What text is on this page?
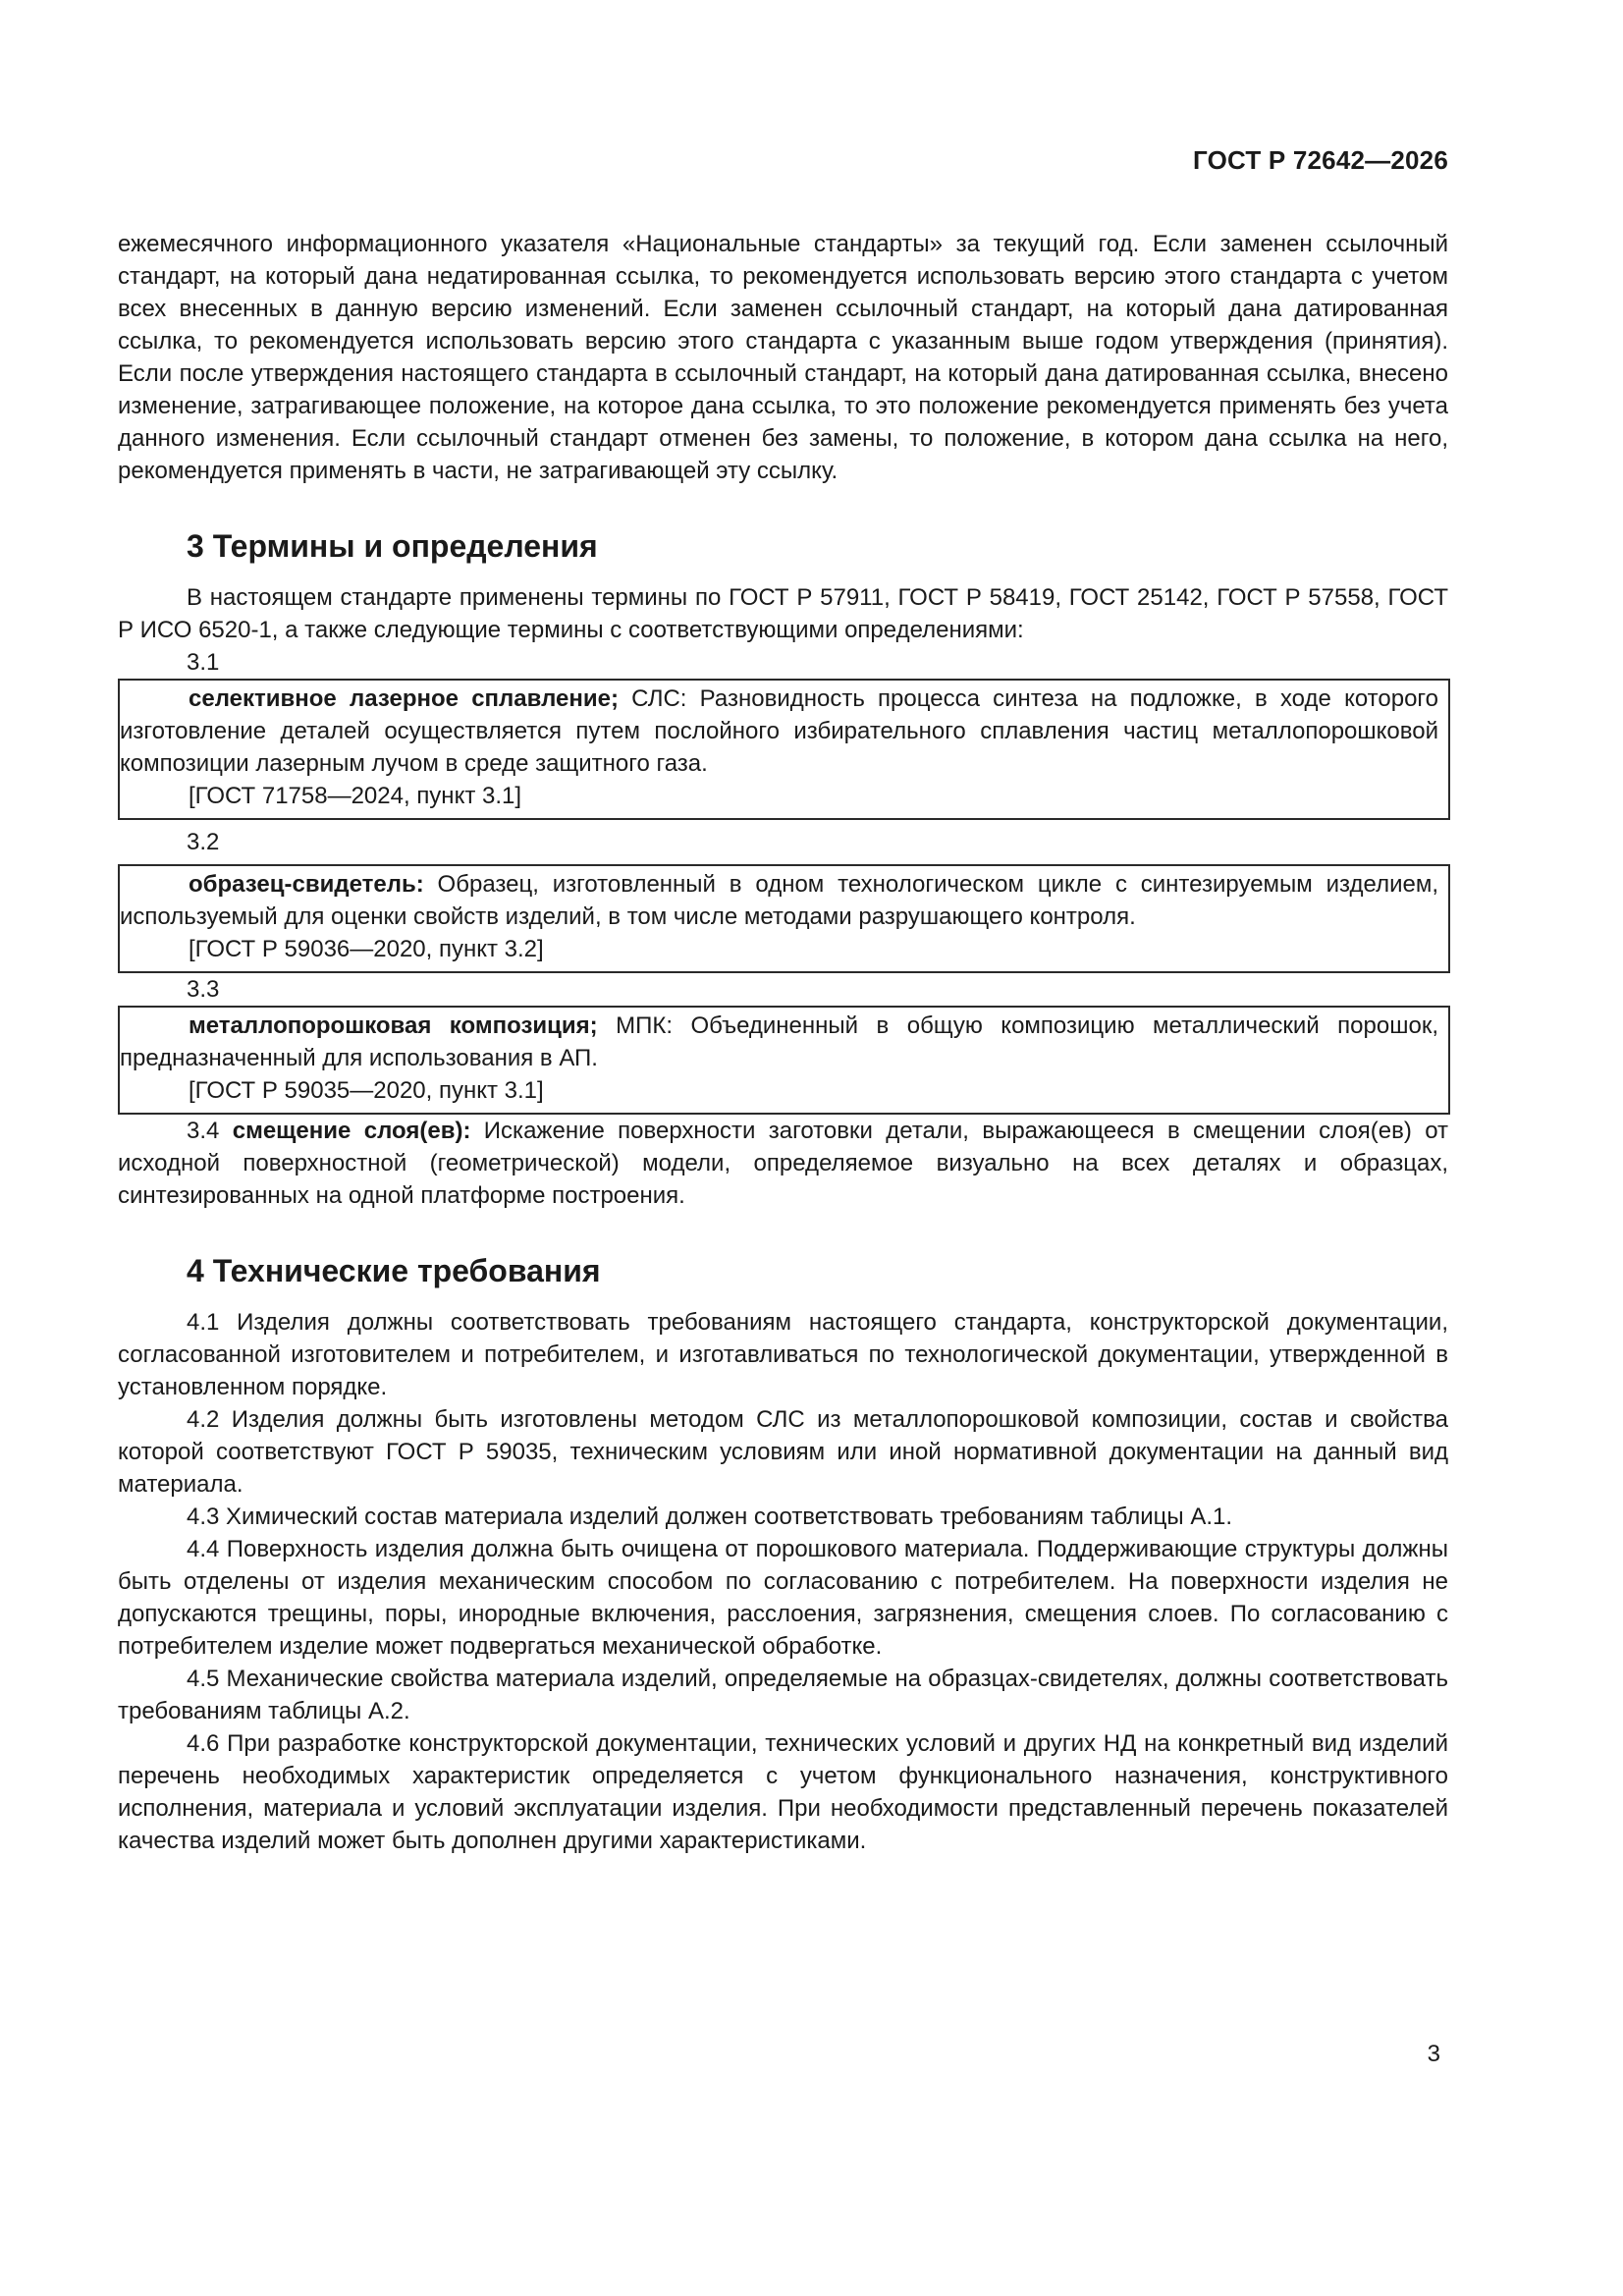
ГОСТ Р 72642—2026

ежемесячного информационного указателя «Национальные стандарты» за текущий год. Если заменен ссылочный стандарт, на который дана недатированная ссылка, то рекомендуется использовать версию этого стандарта с учетом всех внесенных в данную версию изменений. Если заменен ссылочный стандарт, на который дана датированная ссылка, то рекомендуется использовать версию этого стандарта с указанным выше годом утверждения (принятия). Если после утверждения настоящего стандарта в ссылочный стандарт, на который дана датированная ссылка, внесено изменение, затрагивающее положение, на которое дана ссылка, то это положение рекомендуется применять без учета данного изменения. Если ссылочный стандарт отменен без замены, то положение, в котором дана ссылка на него, рекомендуется применять в части, не затрагивающей эту ссылку.

3 Термины и определения

В настоящем стандарте применены термины по ГОСТ Р 57911, ГОСТ Р 58419, ГОСТ 25142, ГОСТ Р 57558, ГОСТ Р ИСО 6520-1, а также следующие термины с соответствующими определениями:

3.1

селективное лазерное сплавление; СЛС: Разновидность процесса синтеза на подложке, в ходе которого изготовление деталей осуществляется путем послойного избирательного сплавления частиц металлопорошковой композиции лазерным лучом в среде защитного газа.

[ГОСТ 71758—2024, пункт 3.1]
3.2

образец-свидетель: Образец, изготовленный в одном технологическом цикле с синтезируемым изделием, используемый для оценки свойств изделий, в том числе методами разрушающего контроля.

[ГОСТ Р 59036—2020, пункт 3.2]
3.3

металлопорошковая композиция; МПК: Объединенный в общую композицию металлический порошок, предназначенный для использования в АП.

[ГОСТ Р 59035—2020, пункт 3.1]

3.4 смещение слоя(ев): Искажение поверхности заготовки детали, выражающееся в смещении слоя(ев) от исходной поверхностной (геометрической) модели, определяемое визуально на всех деталях и образцах, синтезированных на одной платформе построения.

4 Технические требования

4.1 Изделия должны соответствовать требованиям настоящего стандарта, конструкторской документации, согласованной изготовителем и потребителем, и изготавливаться по технологической документации, утвержденной в установленном порядке.

4.2 Изделия должны быть изготовлены методом СЛС из металлопорошковой композиции, состав и свойства которой соответствуют ГОСТ Р 59035, техническим условиям или иной нормативной документации на данный вид материала.

4.3 Химический состав материала изделий должен соответствовать требованиям таблицы А.1.

4.4 Поверхность изделия должна быть очищена от порошкового материала. Поддерживающие структуры должны быть отделены от изделия механическим способом по согласованию с потребителем. На поверхности изделия не допускаются трещины, поры, инородные включения, расслоения, загрязнения, смещения слоев. По согласованию с потребителем изделие может подвергаться механической обработке.

4.5 Механические свойства материала изделий, определяемые на образцах-свидетелях, должны соответствовать требованиям таблицы А.2.

4.6 При разработке конструкторской документации, технических условий и других НД на конкретный вид изделий перечень необходимых характеристик определяется с учетом функционального назначения, конструктивного исполнения, материала и условий эксплуатации изделия. При необходимости представленный перечень показателей качества изделий может быть дополнен другими характеристиками.

3
